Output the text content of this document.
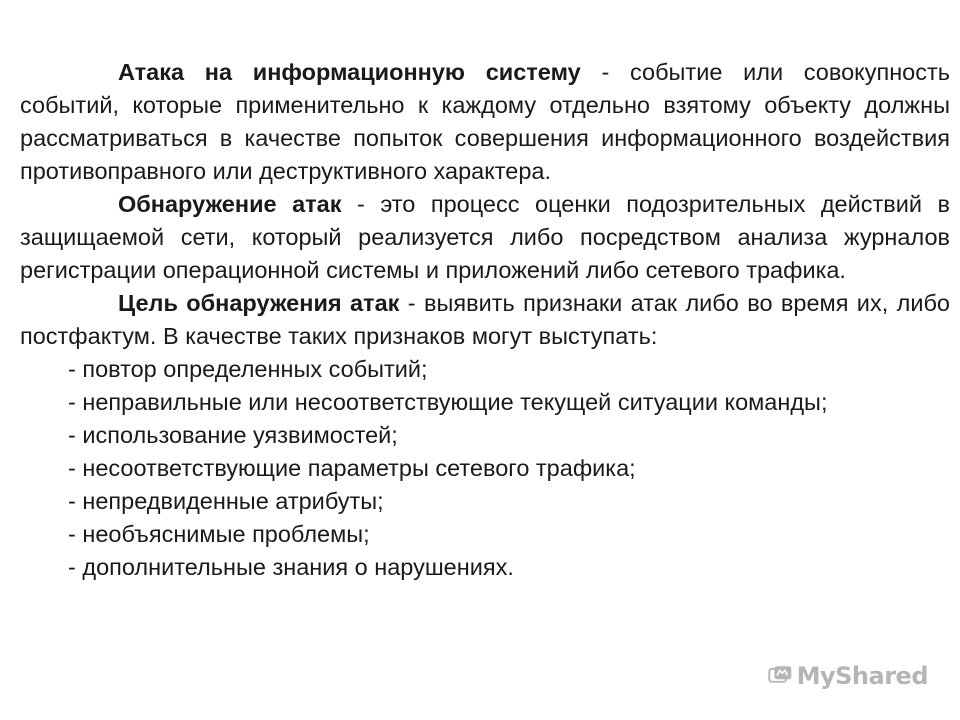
Атака на информационную систему - событие или совокупность событий, которые применительно к каждому отдельно взятому объекту должны рассматриваться в качестве попыток совершения информационного воздействия противоправного или деструктивного характера.

Обнаружение атак - это процесс оценки подозрительных действий в защищаемой сети, который реализуется либо посредством анализа журналов регистрации операционной системы и приложений либо сетевого трафика.

Цель обнаружения атак - выявить признаки атак либо во время их, либо постфактум. В качестве таких признаков могут выступать:

- повтор определенных событий;
- неправильные или несоответствующие текущей ситуации команды;
- использование уязвимостей;
- несоответствующие параметры сетевого трафика;
- непредвиденные атрибуты;
- необъяснимые проблемы;
- дополнительные знания о нарушениях.
MyShared
